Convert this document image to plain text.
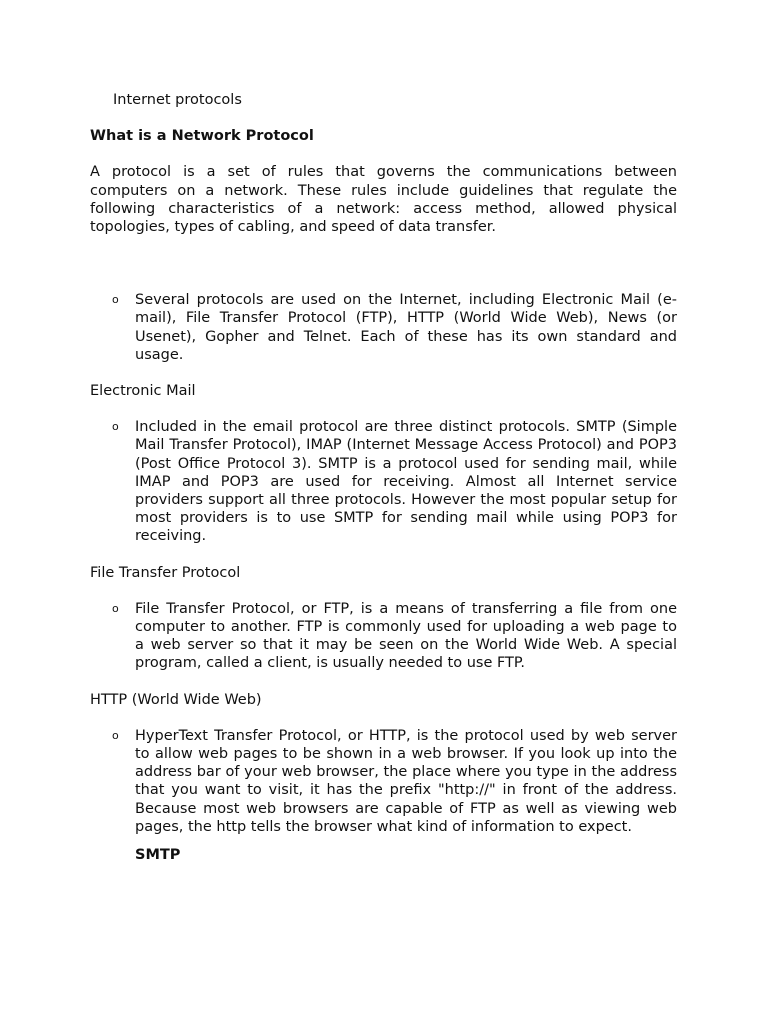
Internet protocols

What is a Network Protocol

A protocol is a set of rules that governs the communications between computers on a network. These rules include guidelines that regulate the following characteristics of a network: access method, allowed physical topologies, types of cabling, and speed of data transfer.

o Several protocols are used on the Internet, including Electronic Mail (e-mail), File Transfer Protocol (FTP), HTTP (World Wide Web), News (or Usenet), Gopher and Telnet. Each of these has its own standard and usage.

Electronic Mail

o Included in the email protocol are three distinct protocols. SMTP (Simple Mail Transfer Protocol), IMAP (Internet Message Access Protocol) and POP3 (Post Office Protocol 3). SMTP is a protocol used for sending mail, while IMAP and POP3 are used for receiving. Almost all Internet service providers support all three protocols. However the most popular setup for most providers is to use SMTP for sending mail while using POP3 for receiving.

File Transfer Protocol

o File Transfer Protocol, or FTP, is a means of transferring a file from one computer to another. FTP is commonly used for uploading a web page to a web server so that it may be seen on the World Wide Web. A special program, called a client, is usually needed to use FTP.

HTTP (World Wide Web)

o HyperText Transfer Protocol, or HTTP, is the protocol used by web server to allow web pages to be shown in a web browser. If you look up into the address bar of your web browser, the place where you type in the address that you want to visit, it has the prefix "http://" in front of the address. Because most web browsers are capable of FTP as well as viewing web pages, the http tells the browser what kind of information to expect.

SMTP
